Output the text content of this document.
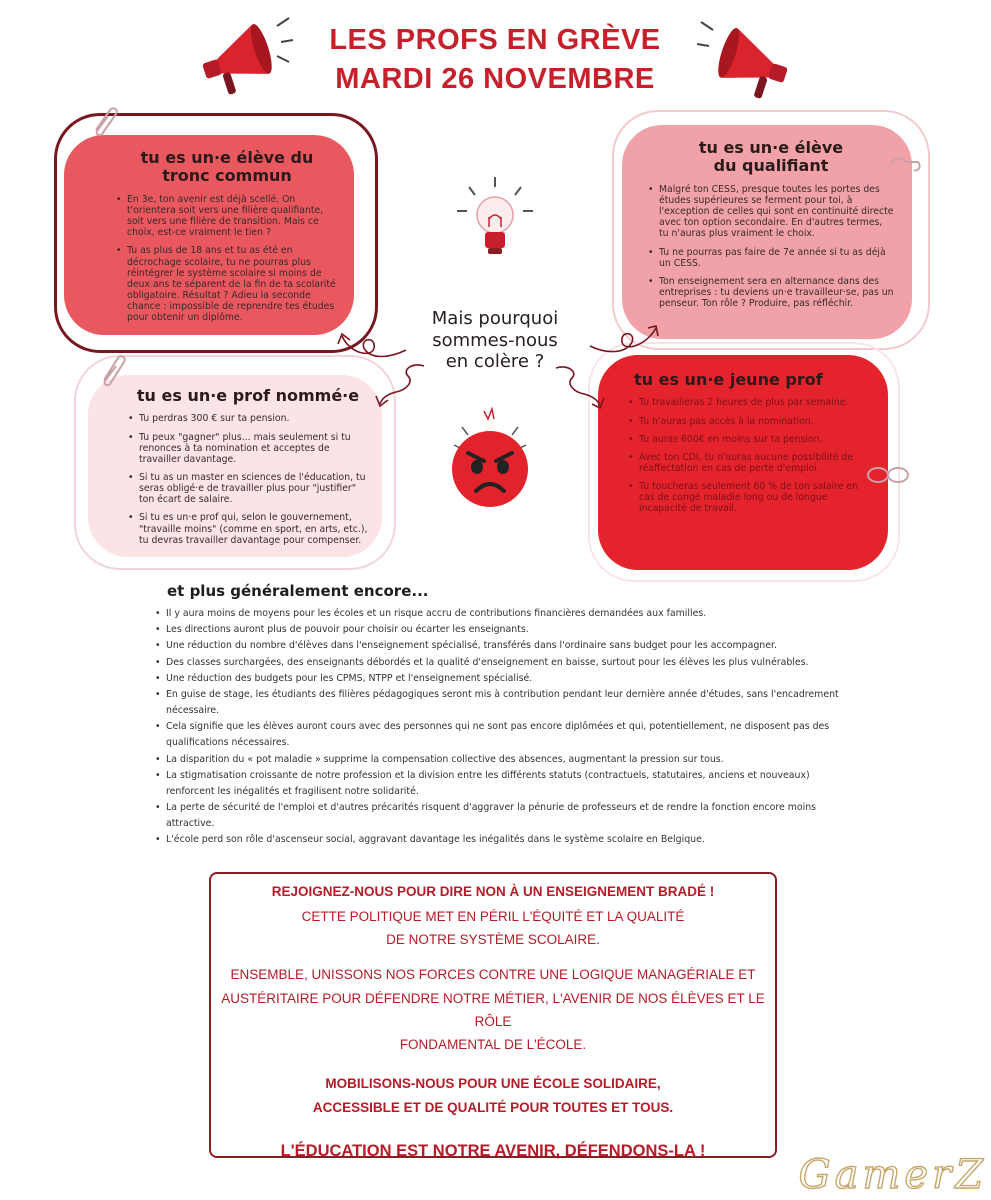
LES PROFS EN GRÈVE
MARDI 26 NOVEMBRE
tu es un·e élève du
tronc commun
• En 3e, ton avenir est déjà scellé. On t'orientera soit vers une filière qualifiante, soit vers une filière de transition. Mais ce choix, est-ce vraiment le tien ?
• Tu as plus de 18 ans et tu as été en décrochage scolaire, tu ne pourras plus réintégrer le système scolaire si moins de deux ans te séparent de la fin de ta scolarité obligatoire. Résultat ? Adieu la seconde chance : impossible de reprendre tes études pour obtenir un diplôme.
tu es un·e élève
du qualifiant
• Malgré ton CESS, presque toutes les portes des études supérieures se ferment pour toi, à l'exception de celles qui sont en continuité directe avec ton option secondaire. En d'autres termes, tu n'auras plus vraiment le choix.
• Tu ne pourras pas faire de 7e année si tu as déjà un CESS.
• Ton enseignement sera en alternance dans des entreprises : tu deviens un·e travailleur·se, pas un penseur. Ton rôle ? Produire, pas réfléchir.
tu es un·e prof nommé·e
• Tu perdras 300 € sur ta pension.
• Tu peux "gagner" plus... mais seulement si tu renonces à ta nomination et acceptes de travailler davantage.
• Si tu as un master en sciences de l'éducation, tu seras obligé·e de travailler plus pour "justifier" ton écart de salaire.
• Si tu es un·e prof qui, selon le gouvernement, "travaille moins" (comme en sport, en arts, etc.), tu devras travailler davantage pour compenser.
tu es un·e jeune prof
• Tu travailleras 2 heures de plus par semaine.
• Tu n'auras pas accès à la nomination.
• Tu auras 600€ en moins sur ta pension.
• Avec ton CDI, tu n'auras aucune possibilité de réaffectation en cas de perte d'emploi.
• Tu toucheras seulement 60 % de ton salaire en cas de congé maladie long ou de longue incapacité de travail.
Mais pourquoi
sommes-nous
en colère ?
et plus généralement encore...
• Il y aura moins de moyens pour les écoles et un risque accru de contributions financières demandées aux familles.
• Les directions auront plus de pouvoir pour choisir ou écarter les enseignants.
• Une réduction du nombre d'élèves dans l'enseignement spécialisé, transférés dans l'ordinaire sans budget pour les accompagner.
• Des classes surchargées, des enseignants débordés et la qualité d'enseignement en baisse, surtout pour les élèves les plus vulnérables.
• Une réduction des budgets pour les CPMS, NTPP et l'enseignement spécialisé.
• En guise de stage, les étudiants des filières pédagogiques seront mis à contribution pendant leur dernière année d'études, sans l'encadrement nécessaire.
• Cela signifie que les élèves auront cours avec des personnes qui ne sont pas encore diplômées et qui, potentiellement, ne disposent pas des qualifications nécessaires.
• La disparition du « pot maladie » supprime la compensation collective des absences, augmentant la pression sur tous.
• La stigmatisation croissante de notre profession et la division entre les différents statuts (contractuels, statutaires, anciens et nouveaux) renforcent les inégalités et fragilisent notre solidarité.
• La perte de sécurité de l'emploi et d'autres précarités risquent d'aggraver la pénurie de professeurs et de rendre la fonction encore moins attractive.
• L'école perd son rôle d'ascenseur social, aggravant davantage les inégalités dans le système scolaire en Belgique.

REJOIGNEZ-NOUS POUR DIRE NON À UN ENSEIGNEMENT BRADÉ !

CETTE POLITIQUE MET EN PÉRIL L'ÉQUITÉ ET LA QUALITÉ

DE NOTRE SYSTÈME SCOLAIRE.

ENSEMBLE, UNISSONS NOS FORCES CONTRE UNE LOGIQUE MANAGÉRIALE ET

AUSTÉRITAIRE POUR DÉFENDRE NOTRE MÉTIER, L'AVENIR DE NOS ÉLÈVES ET LE RÔLE

FONDAMENTAL DE L'ÉCOLE.

MOBILISONS-NOUS POUR UNE ÉCOLE SOLIDAIRE,

ACCESSIBLE ET DE QUALITÉ POUR TOUTES ET TOUS.

L'ÉDUCATION EST NOTRE AVENIR, DÉFENDONS-LA !

GamerZ
